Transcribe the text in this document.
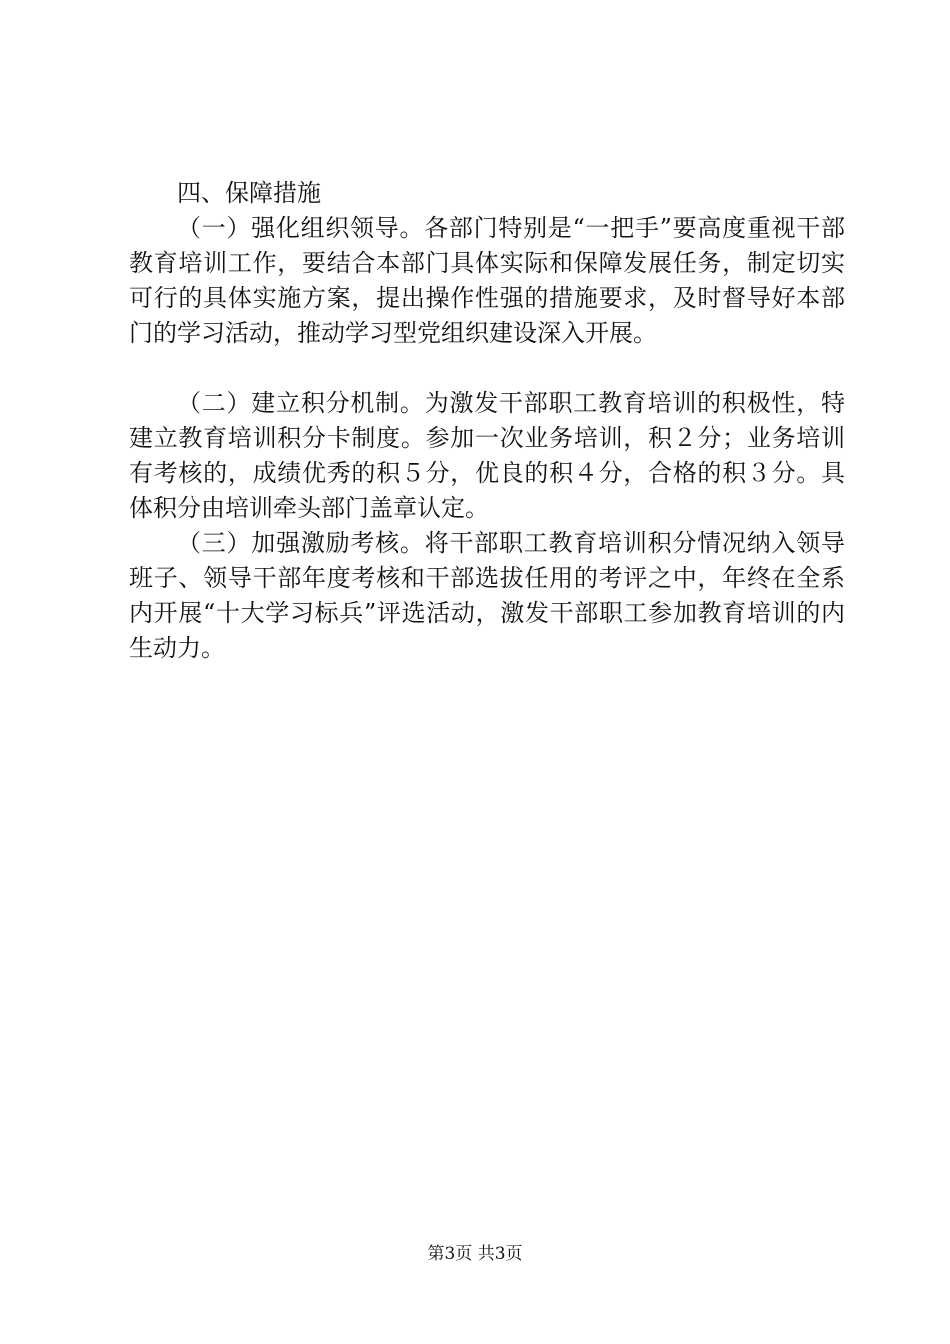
四、保障措施

（一）强化组织领导。各部门特别是“一把手”要高度重视干部教育培训工作，要结合本部门具体实际和保障发展任务，制定切实可行的具体实施方案，提出操作性强的措施要求，及时督导好本部门的学习活动，推动学习型党组织建设深入开展。

（二）建立积分机制。为激发干部职工教育培训的积极性，特建立教育培训积分卡制度。参加一次业务培训，积２分；业务培训有考核的，成绩优秀的积５分，优良的积４分，合格的积３分。具体积分由培训牵头部门盖章认定。

（三）加强激励考核。将干部职工教育培训积分情况纳入领导班子、领导干部年度考核和干部选拔任用的考评之中，年终在全系内开展“十大学习标兵”评选活动，激发干部职工参加教育培训的内生动力。

第3页 共3页
